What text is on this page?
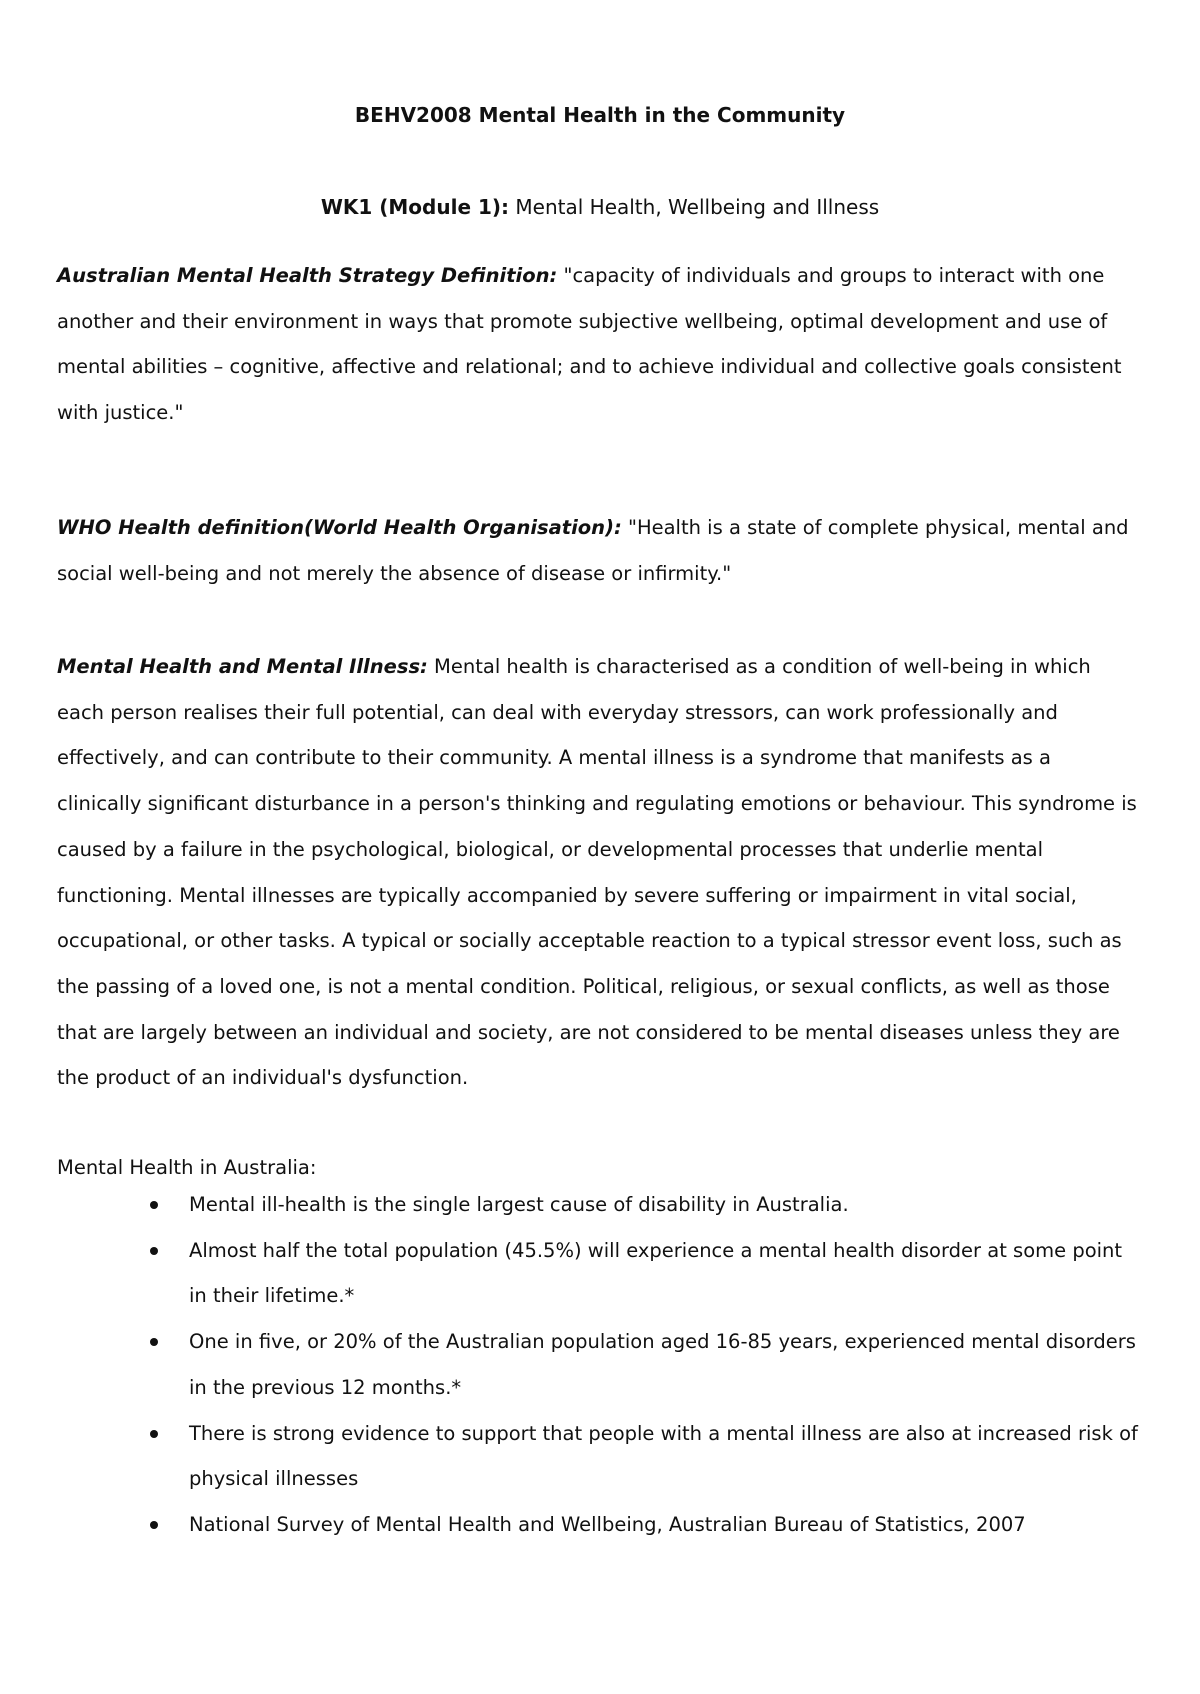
BEHV2008 Mental Health in the Community

WK1 (Module 1): Mental Health, Wellbeing and Illness

Australian Mental Health Strategy Definition: "capacity of individuals and groups to interact with one another and their environment in ways that promote subjective wellbeing, optimal development and use of mental abilities – cognitive, affective and relational; and to achieve individual and collective goals consistent with justice."

WHO Health definition(World Health Organisation): "Health is a state of complete physical, mental and social well-being and not merely the absence of disease or infirmity."

Mental Health and Mental Illness: Mental health is characterised as a condition of well-being in which each person realises their full potential, can deal with everyday stressors, can work professionally and effectively, and can contribute to their community. A mental illness is a syndrome that manifests as a clinically significant disturbance in a person's thinking and regulating emotions or behaviour. This syndrome is caused by a failure in the psychological, biological, or developmental processes that underlie mental functioning. Mental illnesses are typically accompanied by severe suffering or impairment in vital social, occupational, or other tasks. A typical or socially acceptable reaction to a typical stressor event loss, such as the passing of a loved one, is not a mental condition. Political, religious, or sexual conflicts, as well as those that are largely between an individual and society, are not considered to be mental diseases unless they are the product of an individual's dysfunction.

Mental Health in Australia:

Mental ill-health is the single largest cause of disability in Australia.
Almost half the total population (45.5%) will experience a mental health disorder at some point in their lifetime.*
One in five, or 20% of the Australian population aged 16-85 years, experienced mental disorders in the previous 12 months.*
There is strong evidence to support that people with a mental illness are also at increased risk of physical illnesses
National Survey of Mental Health and Wellbeing, Australian Bureau of Statistics, 2007
